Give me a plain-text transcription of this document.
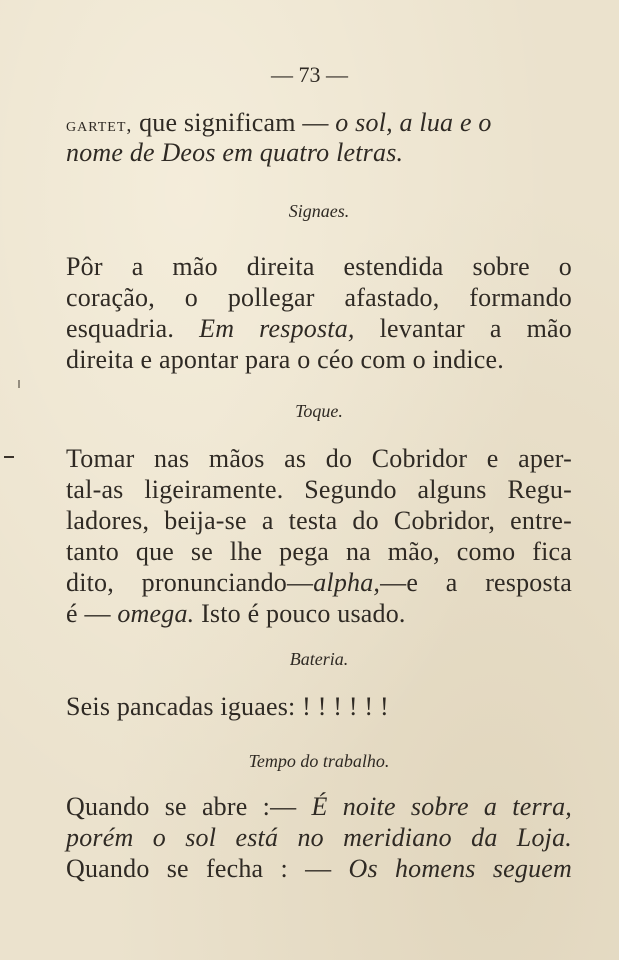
— 73 —
gartet, que significam — o sol, a lua e o
nome de Deos em quatro letras.
Signaes.
Pôr a mão direita estendida sobre o
coração, o pollegar afastado, formando
esquadria. Em resposta, levantar a mão
direita e apontar para o céo com o indice.
Toque.
Tomar nas mãos as do Cobridor e aper-
tal-as ligeiramente. Segundo alguns Regu-
ladores, beija-se a testa do Cobridor, entre-
tanto que se lhe pega na mão, como fica
dito, pronunciando—alpha,—e a resposta
é — omega. Isto é pouco usado.
Bateria.
Seis pancadas iguaes: ! ! ! ! ! !
Tempo do trabalho.
Quando se abre :— É noite sobre a terra,
porém o sol está no meridiano da Loja.
Quando se fecha : — Os homens seguem
